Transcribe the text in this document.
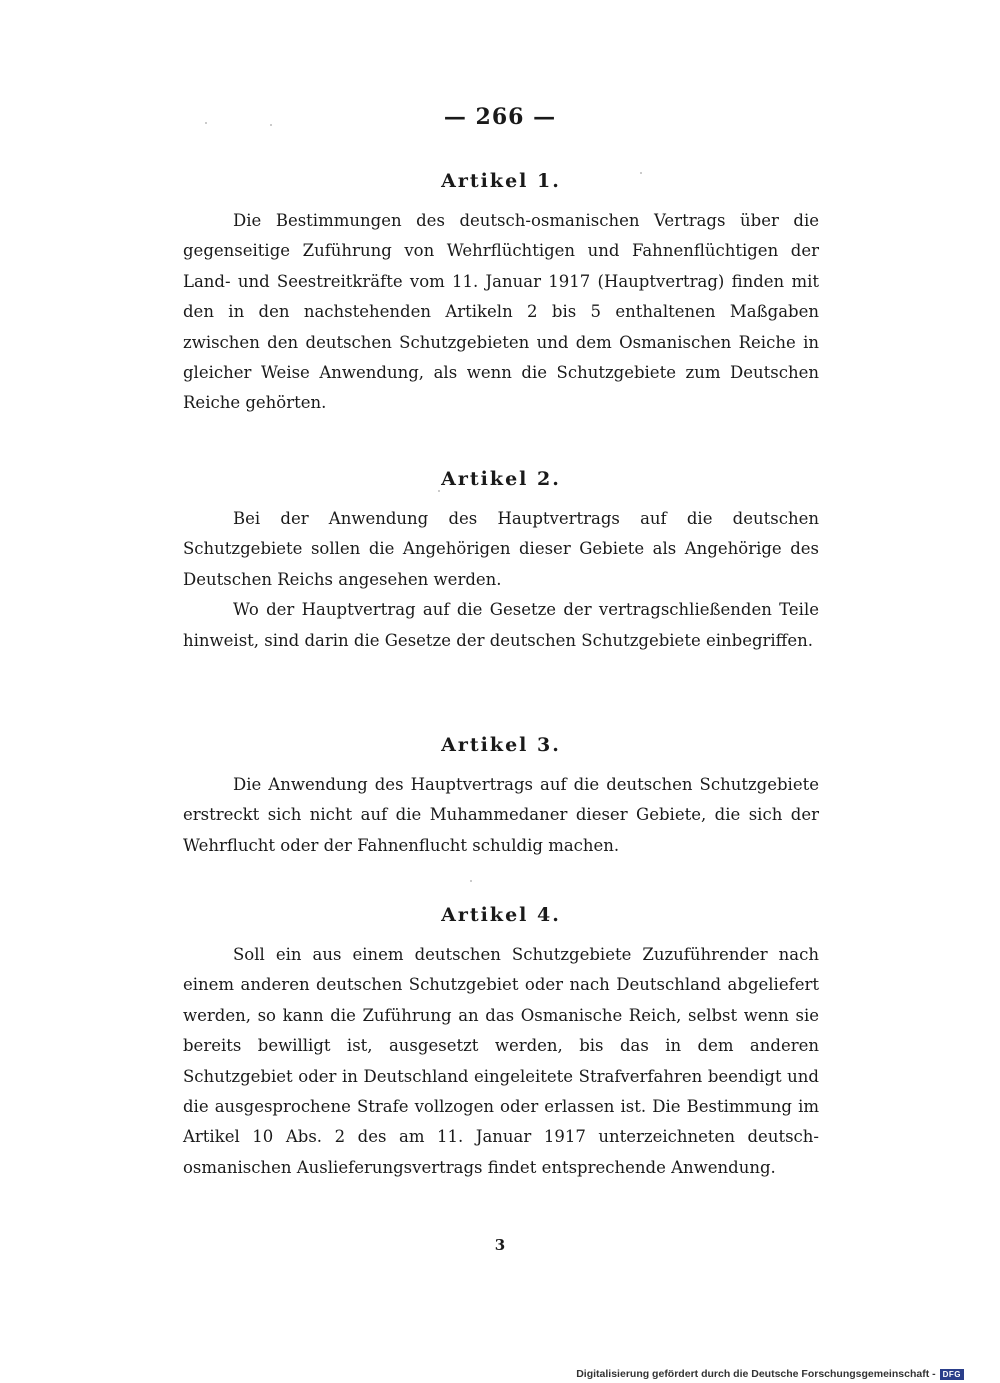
— 266 —
Artikel 1.

Die Bestimmungen des deutsch-osmanischen Vertrags über die gegenseitige Zuführung von Wehrflüchtigen und Fahnenflüchtigen der Land- und Seestreitkräfte vom 11. Januar 1917 (Hauptvertrag) finden mit den in den nachstehenden Artikeln 2 bis 5 enthaltenen Maßgaben zwischen den deutschen Schutzgebieten und dem Osmanischen Reiche in gleicher Weise Anwendung, als wenn die Schutzgebiete zum Deutschen Reiche gehörten.

Artikel 2.

Bei der Anwendung des Hauptvertrags auf die deutschen Schutzgebiete sollen die Angehörigen dieser Gebiete als Angehörige des Deutschen Reichs angesehen werden.

Wo der Hauptvertrag auf die Gesetze der vertragschließenden Teile hinweist, sind darin die Gesetze der deutschen Schutzgebiete einbegriffen.

Artikel 3.

Die Anwendung des Hauptvertrags auf die deutschen Schutzgebiete erstreckt sich nicht auf die Muhammedaner dieser Gebiete, die sich der Wehrflucht oder der Fahnenflucht schuldig machen.

Artikel 4.

Soll ein aus einem deutschen Schutzgebiete Zuzuführender nach einem anderen deutschen Schutzgebiet oder nach Deutschland abgeliefert werden, so kann die Zuführung an das Osmanische Reich, selbst wenn sie bereits bewilligt ist, ausgesetzt werden, bis das in dem anderen Schutzgebiet oder in Deutschland eingeleitete Strafverfahren beendigt und die ausgesprochene Strafe vollzogen oder erlassen ist. Die Bestimmung im Artikel 10 Abs. 2 des am 11. Januar 1917 unterzeichneten deutsch-osmanischen Auslieferungsvertrags findet entsprechende Anwendung.

3
Digitalisierung gefördert durch die Deutsche Forschungsgemeinschaft - DFG
